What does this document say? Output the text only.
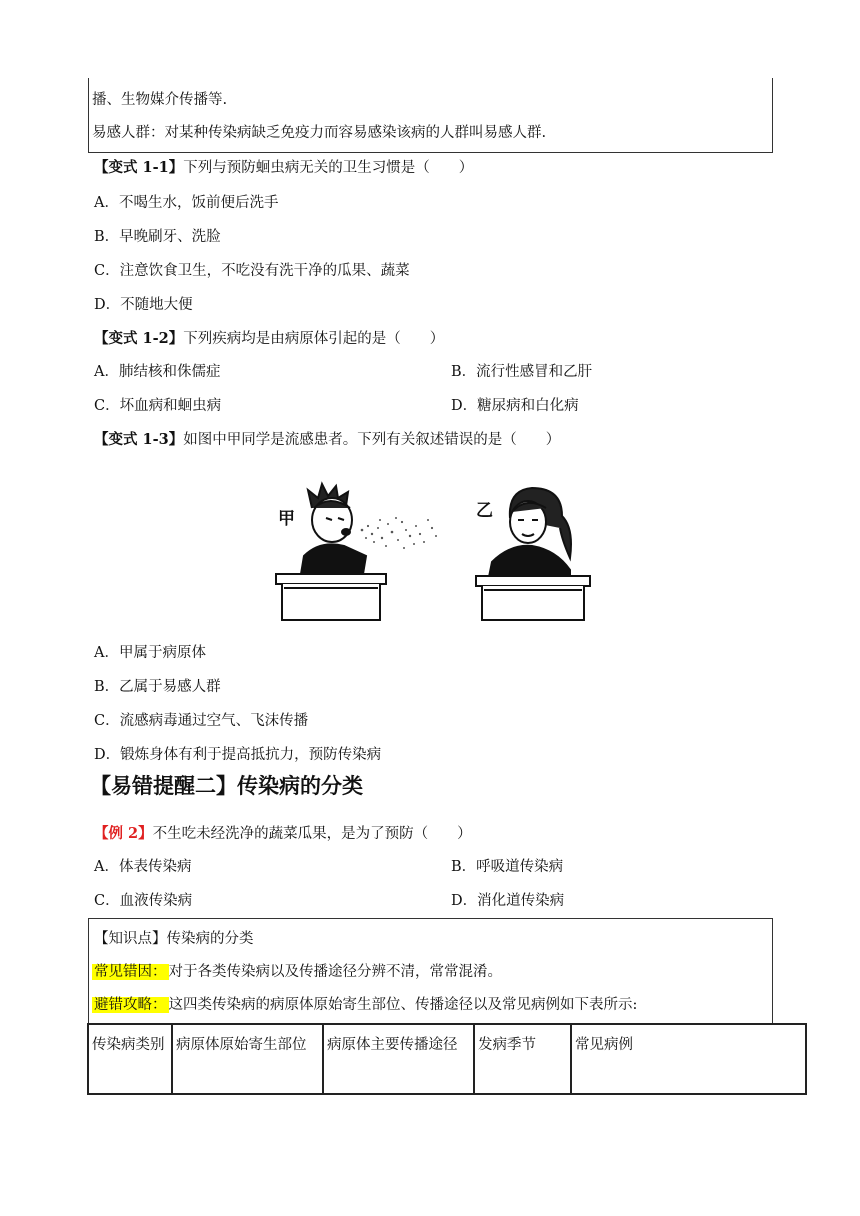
播、生物媒介传播等.
易感人群：对某种传染病缺乏免疫力而容易感染该病的人群叫易感人群.
【变式 1-1】下列与预防蛔虫病无关的卫生习惯是（　　）
A．不喝生水，饭前便后洗手
B．早晚刷牙、洗脸
C．注意饮食卫生，不吃没有洗干净的瓜果、蔬菜
D．不随地大便
【变式 1-2】下列疾病均是由病原体引起的是（　　）
A．肺结核和侏儒症	B．流行性感冒和乙肝
C．坏血病和蛔虫病	D．糖尿病和白化病
【变式 1-3】如图中甲同学是流感患者。下列有关叙述错误的是（　　）
甲	乙
A．甲属于病原体
B．乙属于易感人群
C．流感病毒通过空气、飞沫传播
D．锻炼身体有利于提高抵抗力，预防传染病
【易错提醒二】传染病的分类
【例 2】不生吃未经洗净的蔬菜瓜果，是为了预防（　　）
A．体表传染病	B．呼吸道传染病
C．血液传染病	D．消化道传染病
【知识点】传染病的分类
常见错因： 对于各类传染病以及传播途径分辨不清，常常混淆。
避错攻略： 这四类传染病的病原体原始寄生部位、传播途径以及常见病例如下表所示:
传染病类别	病原体原始寄生部位	病原体主要传播途径	发病季节	常见病例
